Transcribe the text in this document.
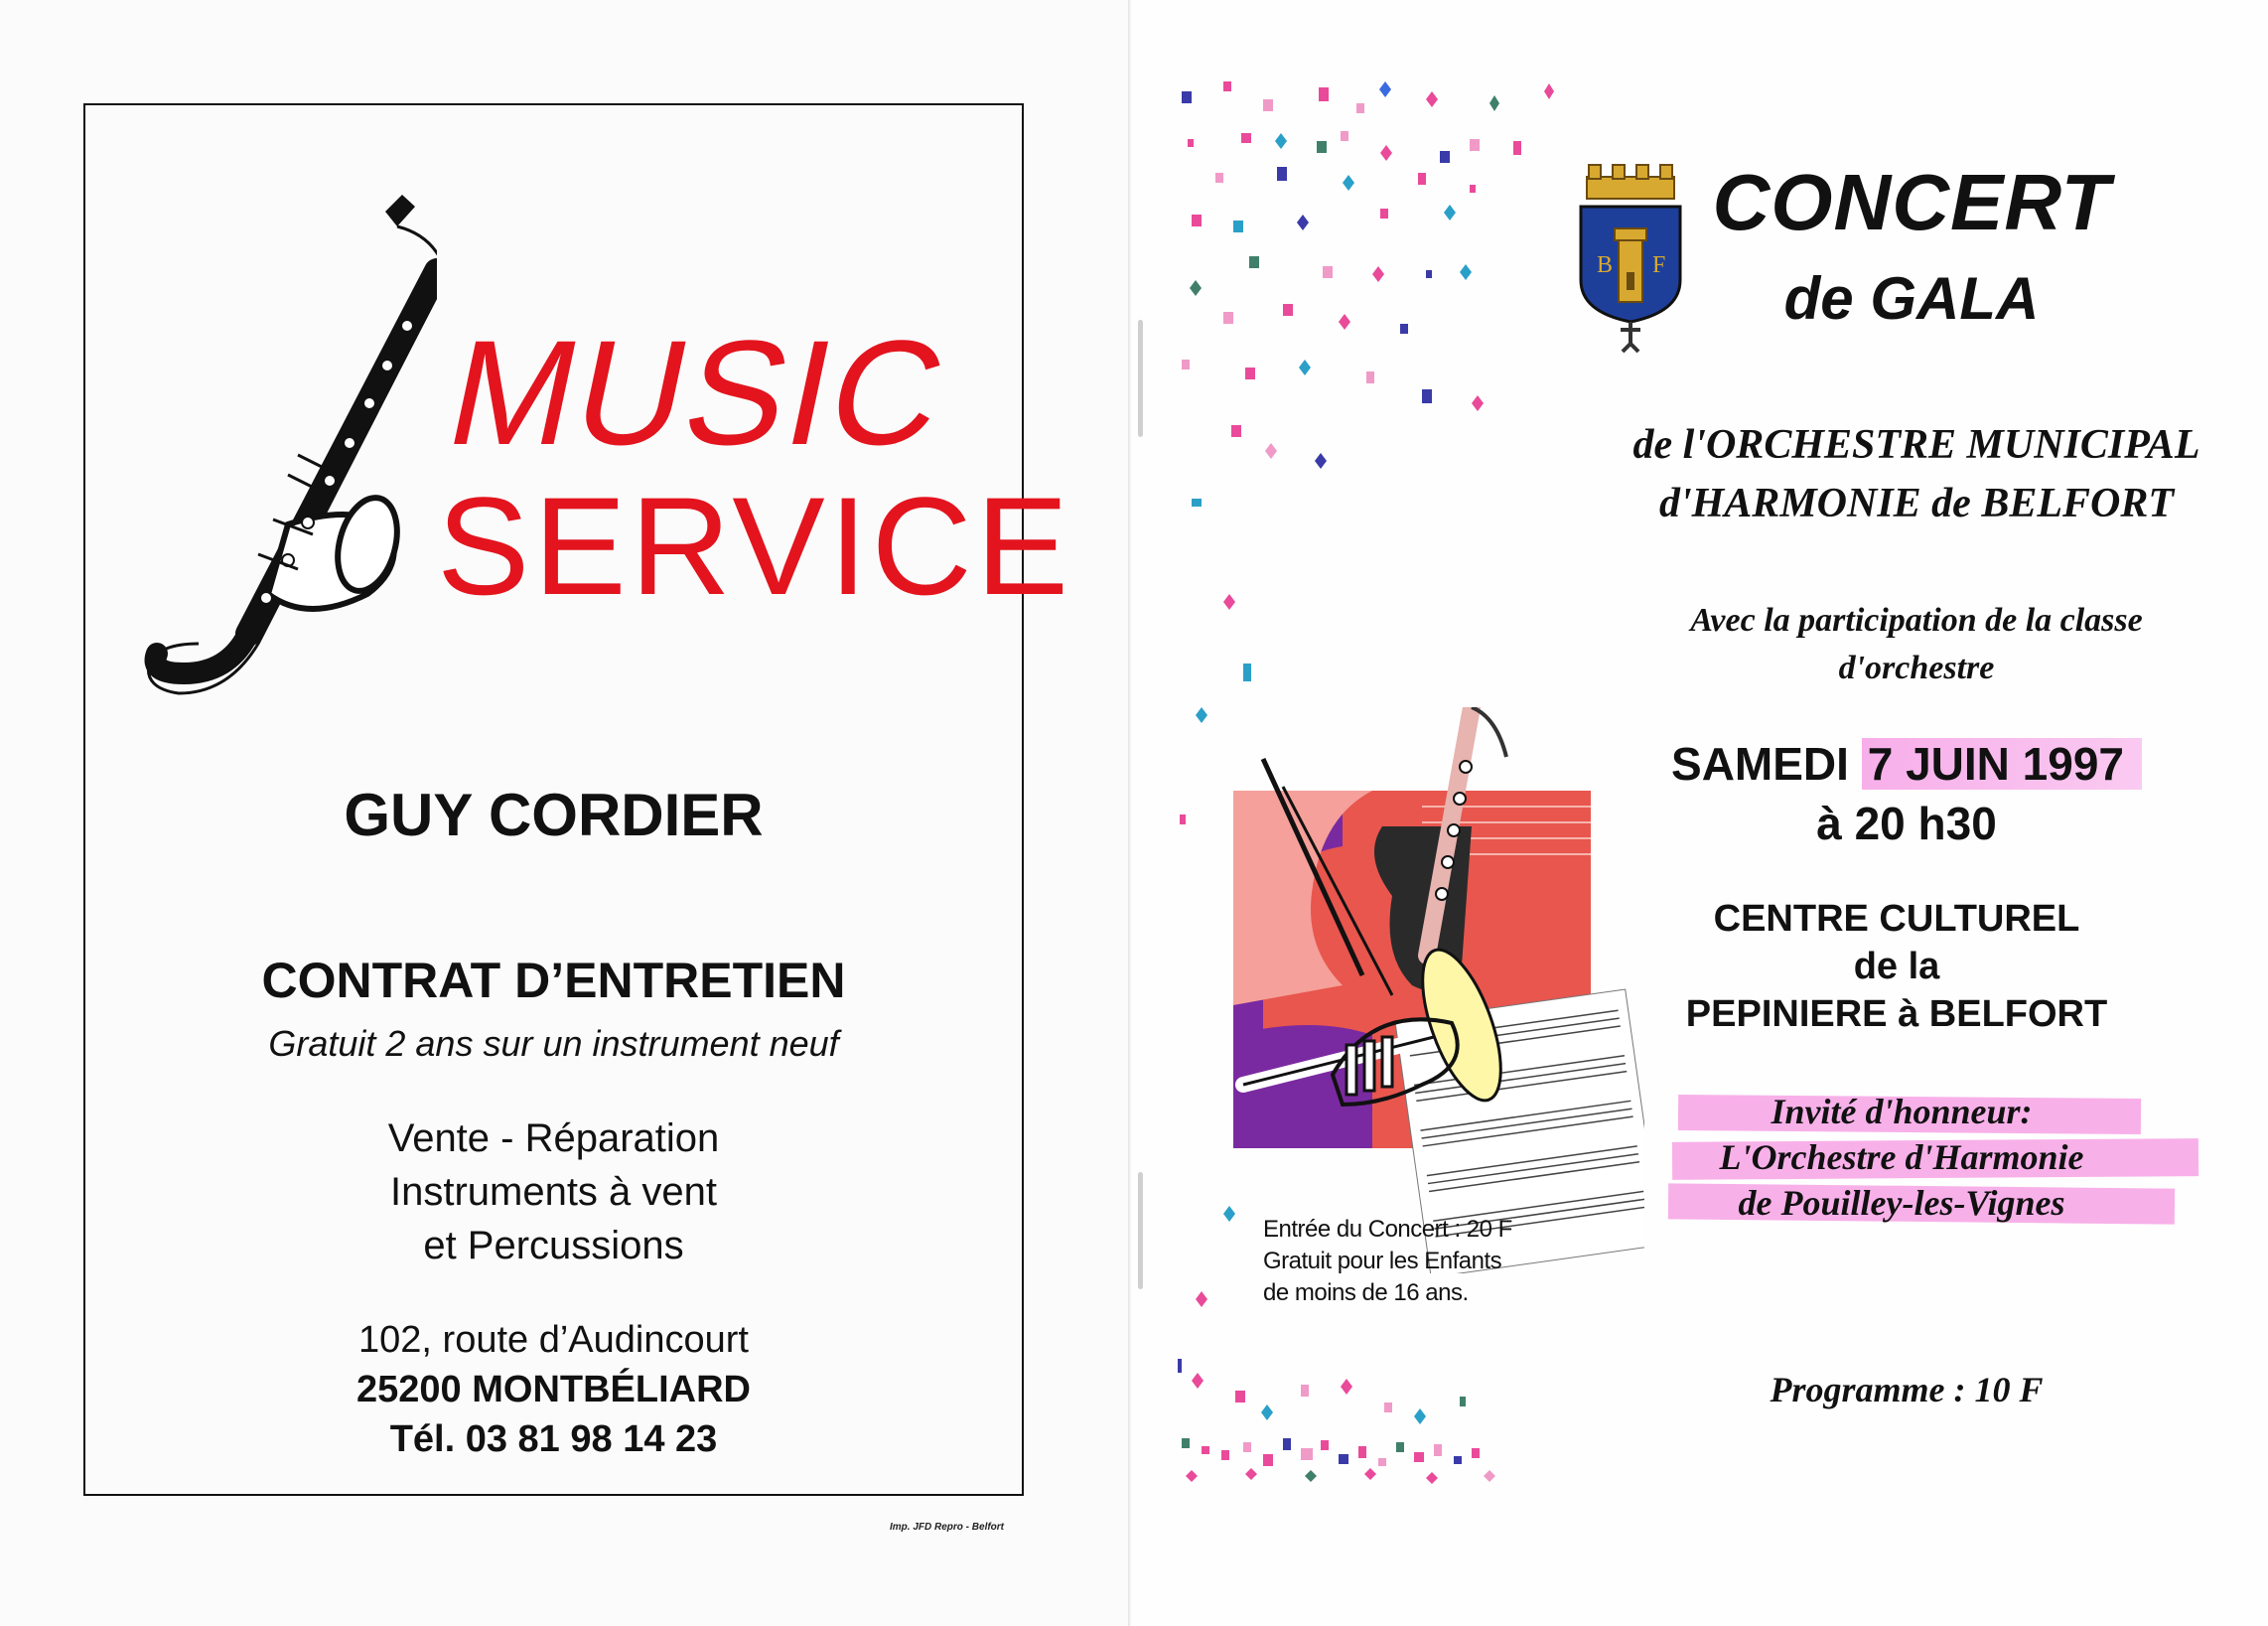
MUSIC
SERVICE
GUY CORDIER
CONTRAT D’ENTRETIEN
Gratuit 2 ans sur un instrument neuf
Vente - Réparation
Instruments à vent
et Percussions
102, route d’Audincourt
25200 MONTBÉLIARD
Tél. 03 81 98 14 23
Imp. JFD Repro - Belfort
B F
CONCERT
de GALA
de l'ORCHESTRE MUNICIPAL
d'HARMONIE de BELFORT
Avec la participation de la classe
d'orchestre
SAMEDI 7 JUIN 1997
à 20 h30
CENTRE CULTUREL
de la
PEPINIERE à BELFORT
Invité d'honneur:
L'Orchestre d'Harmonie
de Pouilley-les-Vignes
Entrée du Concert : 20 F
Gratuit pour les Enfants
de moins de 16 ans.
Programme : 10 F
